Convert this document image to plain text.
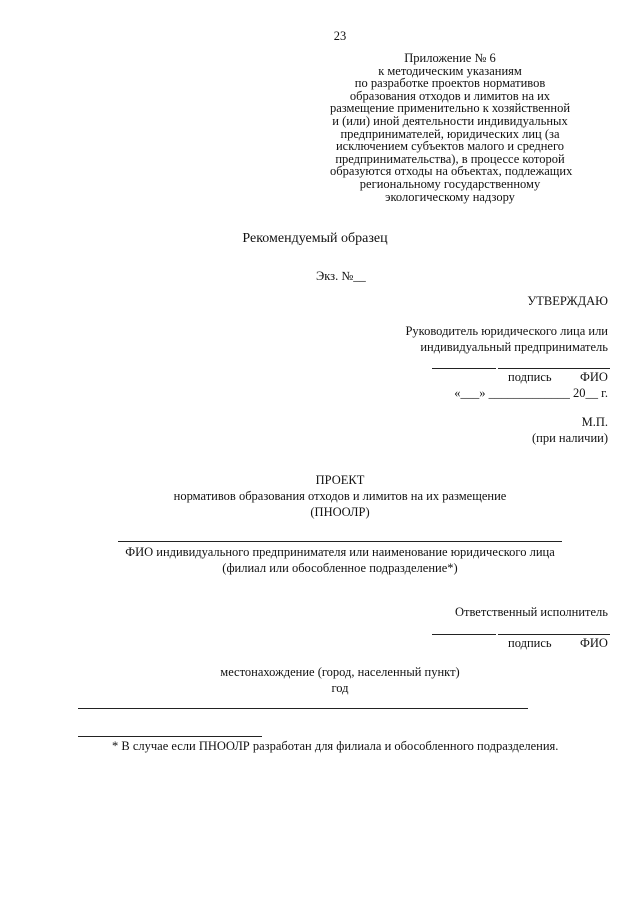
23
Приложение № 6
к методическим указаниям
по разработке проектов нормативов
образования отходов и лимитов на их
размещение применительно к хозяйственной
и (или) иной деятельности индивидуальных
предпринимателей, юридических лиц (за
исключением субъектов малого и среднего
предпринимательства), в процессе которой
образуются отходы на объектах, подлежащих
региональному государственному
экологическому надзору
Рекомендуемый образец
Экз. №__
УТВЕРЖДАЮ
Руководитель юридического лица или
индивидуальный предприниматель
подпись ФИО
«___» _____________ 20__ г.
М.П.
(при наличии)
ПРОЕКТ
нормативов образования отходов и лимитов на их размещение
(ПНООЛР)
ФИО индивидуального предпринимателя или наименование юридического лица
(филиал или обособленное подразделение*)
Ответственный исполнитель
подпись ФИО
местонахождение (город, населенный пункт)
год
* В случае если ПНООЛР разработан для филиала и обособленного подразделения.
